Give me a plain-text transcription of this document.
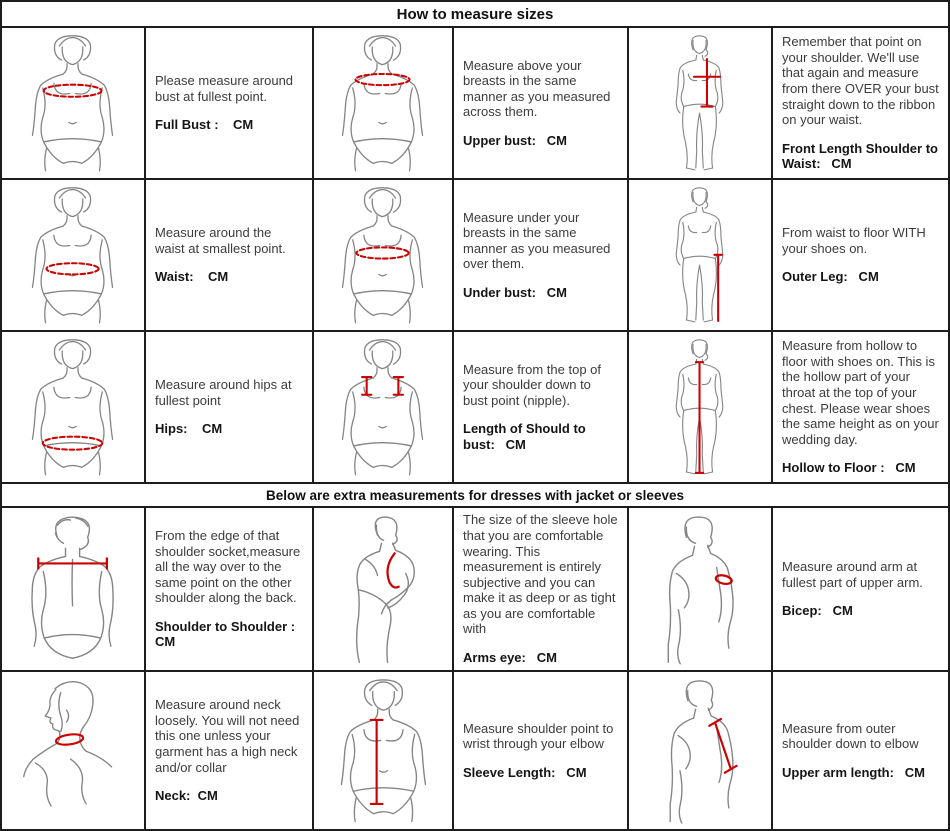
How to measure sizes

Please measure around bust at fullest point.

Full Bust :    CM

Measure above your breasts in the same manner as you measured across them.

Upper bust:   CM

Remember that point on your shoulder. We'll use that again and measure from there OVER your bust straight down to the ribbon on your waist.

Front Length Shoulder to Waist:   CM

Measure around the waist at smallest point.

Waist:    CM

Measure under your breasts in the same manner as you measured over them.

Under bust:   CM

From waist to floor WITH your shoes on.

Outer Leg:   CM

Measure around hips at fullest point

Hips:    CM

Measure from the top of your shoulder down to bust point (nipple).

Length of Should to bust:   CM

Measure from hollow to floor with shoes on. This is the hollow part of your throat at the top of your chest. Please wear shoes the same height as on your wedding day.

Hollow to Floor :   CM

Below are extra measurements for dresses with jacket or sleeves

From the edge of that shoulder socket,measure all the way over to the same point on the other shoulder along the back.

Shoulder to Shoulder : CM

The size of the sleeve hole that you are comfortable wearing. This measurement is entirely subjective and you can make it as deep or as tight as you are comfortable with

Arms eye:   CM

Measure around arm at fullest part of upper arm.

Bicep:   CM

Measure around neck loosely. You will not need this one unless your garment has a high neck and/or collar

Neck:  CM

Measure shoulder point to wrist through your elbow

Sleeve Length:   CM

Measure from outer shoulder down to elbow

Upper arm length:   CM
